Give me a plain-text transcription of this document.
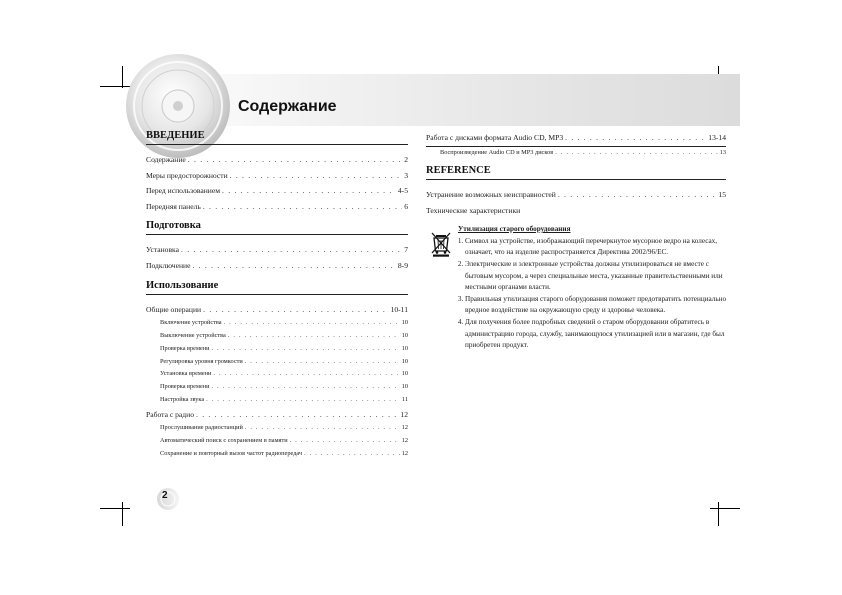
Содержание
ВВЕДЕНИЕ
Содержание . . .	2
Меры предосторожности . . .	3
Перед использованием . . .	4-5
Передняя панель . . .	6
Подготовка
Установка . . .	7
Подключение . . .	8-9
Использование
Общие операции . . .	10-11
Включение устройства . . .	10
Выключение устройства . . .	10
Проверка времени . . .	10
Регулировка уровня громкости . . .	10
Установка времени . . .	10
Проверка времени . . .	10
Настройка звука . . .	11
Работа с радио . . .	12
Прослушивание радиостанций . . .	12
Автоматический поиск с сохранением в памяти . . .	12
Сохранение и повторный вызов частот радиопередач . . .	12
Работа с дисками формата Audio CD, MP3 . . .	13-14
Воспроизведение Audio CD и MP3 дисков . . .	13
REFERENCE
Устранение возможных неисправностей . . .	15
Технические характеристики
Утилизация старого оборудования
1. Символ на устройстве, изображающий перечеркнутое мусорное ведро на колесах, означает, что на изделие распространяется Директива 2002/96/EC.
2. Электрические и электронные устройства должны утилизироваться не вместе с бытовым мусором, а через специальные места, указанные правительственными или местными органами власти.
3. Правильная утилизация старого оборудования поможет предотвратить потенциально вредное воздействие на окружающую среду и здоровье человека.
4. Для получения более подробных сведений о старом оборудовании обратитесь в администрацию города, службу, занимающуюся утилизацией или в магазин, где был приобретен продукт.
2
